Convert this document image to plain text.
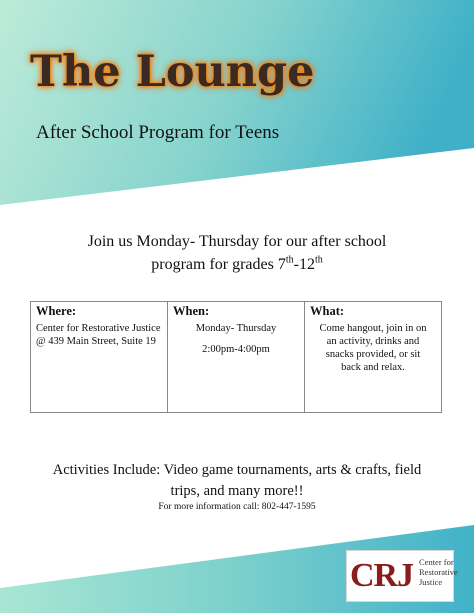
The Lounge
After School Program for Teens
Join us Monday- Thursday for our after school
program for grades 7th-12th
Where:
Center for Restorative Justice
@ 439 Main Street, Suite 19

When:
Monday- Thursday
2:00pm-4:00pm

What:
Come hangout, join in on
an activity, drinks and
snacks provided, or sit
back and relax.
Activities Include: Video game tournaments, arts & crafts, field
trips, and many more!!
For more information call: 802-447-1595
CRJ Center for
Restorative
Justice
